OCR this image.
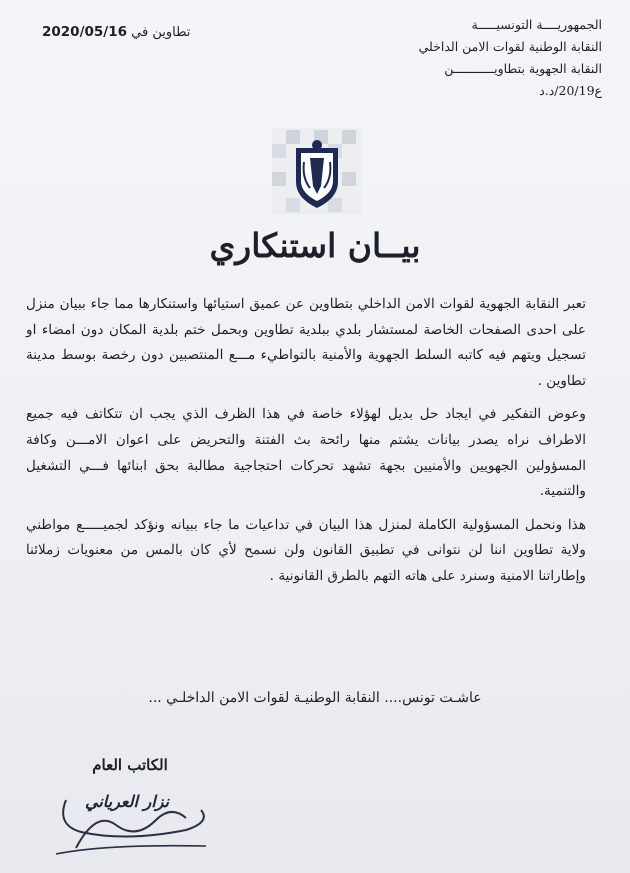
الجمهوريــــة التونسيـــــة
النقابة الوطنية لقوات الامن الداخلي
النقابة الجهوية بتطاويـــــــــــن
ع20/19/د.د
تطاوين في 2020/05/16
بيــان استنكاري

تعبر النقابة الجهوية لقوات الامن الداخلي بتطاوين عن عميق استيائها واستنكارها مما جاء ببيان منزل على احدى الصفحات الخاصة لمستشار بلدي ببلدية تطاوين وبحمل ختم بلدية المكان دون امضاء او تسجيل ويتهم فيه كاتبه السلط الجهوية والأمنية بالتواطيء مـــع المنتصبين دون رخصة بوسط مدينة تطاوين .

وعوض التفكير في ايجاد حل بديل لهؤلاء خاصة في هذا الظرف الذي يجب ان تتكاتف فيه جميع الاطراف نراه يصدر بيانات يشتم منها رائحة بث الفتنة والتحريض على اعوان الامـــن وكافة المسؤولين الجهويين والأمنيين بجهة تشهد تحركات احتجاجية مطالبة بحق ابنائها فـــي التشغيل والتنمية.

هذا ونحمل المسؤولية الكاملة لمنزل هذا البيان في تداعيات ما جاء ببيانه ونؤكد لجميـــــع مواطني ولاية تطاوين اننا لن نتوانى في تطبيق القانون ولن نسمح لأي كان بالمس من معنويات زملائنا وإطاراتنا الامنية وسنرد على هاته التهم بالطرق القانونية .

عاشـت تونس.... النقابة الوطنيـة لقوات الامن الداخلـي ...
الكاتب العام
نزار العرياني
